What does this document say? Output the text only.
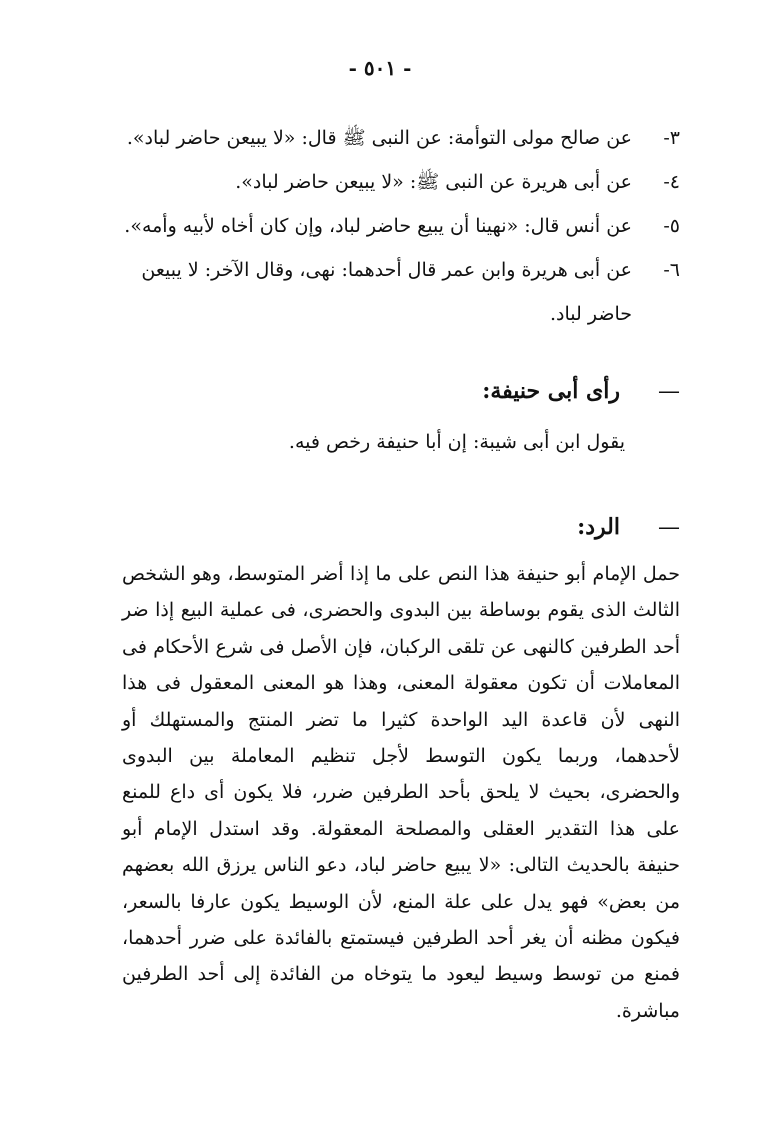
- ٥٠١ -
٣-
عن صالح مولى التوأمة: عن النبى ﷺ قال: «لا يبيعن حاضر لباد».
٤-
عن أبى هريرة عن النبى ﷺ: «لا يبيعن حاضر لباد».
٥-
عن أنس قال: «نهينا أن يبيع حاضر لباد، وإن كان أخاه لأبيه وأمه».
٦-
عن أبى هريرة وابن عمر قال أحدهما: نهى، وقال الآخر: لا يبيعن حاضر لباد.
—رأى أبى حنيفة:
يقول ابن أبى شيبة: إن أبا حنيفة رخص فيه.
—الرد:

حمل الإمام أبو حنيفة هذا النص على ما إذا أضر المتوسط، وهو الشخص الثالث الذى يقوم بوساطة بين البدوى والحضرى، فى عملية البيع إذا ضر أحد الطرفين كالنهى عن تلقى الركبان، فإن الأصل فى شرع الأحكام فى المعاملات أن تكون معقولة المعنى، وهذا هو المعنى المعقول فى هذا النهى لأن قاعدة اليد الواحدة كثيرا ما تضر المنتج والمستهلك أو لأحدهما، وربما يكون التوسط لأجل تنظيم المعاملة بين البدوى والحضرى، بحيث لا يلحق بأحد الطرفين ضرر، فلا يكون أى داع للمنع على هذا التقدير العقلى والمصلحة المعقولة. وقد استدل الإمام أبو حنيفة بالحديث التالى: «لا يبيع حاضر لباد، دعو الناس يرزق الله بعضهم من بعض» فهو يدل على علة المنع، لأن الوسيط يكون عارفا بالسعر، فيكون مظنه أن يغر أحد الطرفين فيستمتع بالفائدة على ضرر أحدهما، فمنع من توسط وسيط ليعود ما يتوخاه من الفائدة إلى أحد الطرفين مباشرة.
